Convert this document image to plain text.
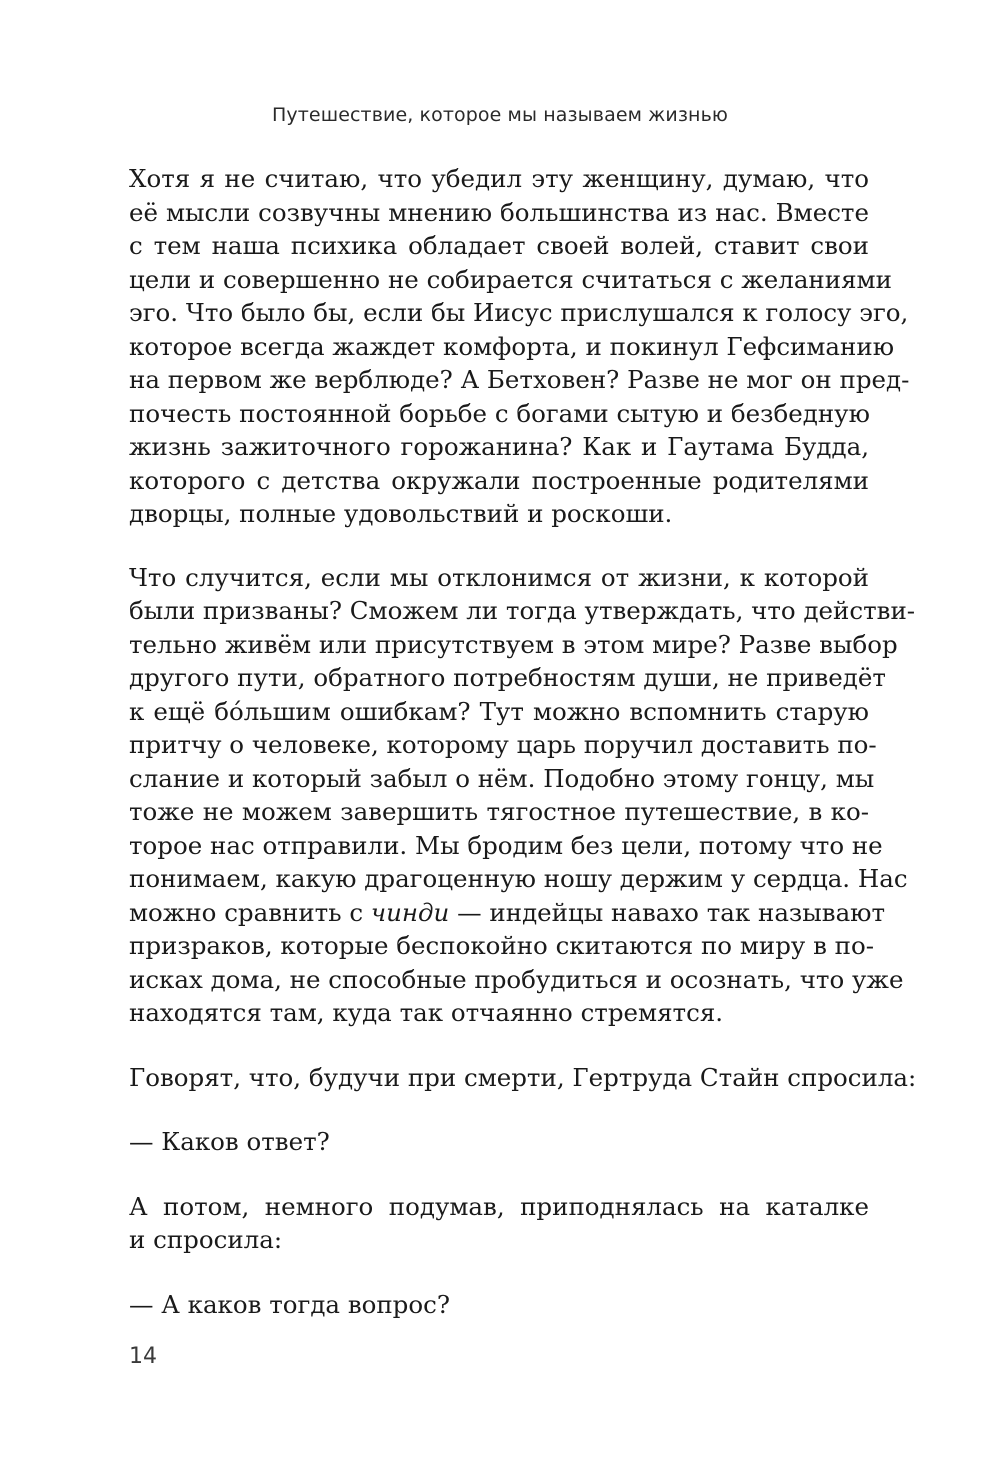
Путешествие, которое мы называем жизнью

Хотя я не считаю, что убедил эту женщину, думаю, что
её мысли созвучны мнению большинства из нас. Вместе
с тем наша психика обладает своей волей, ставит свои
цели и совершенно не собирается считаться с желаниями
эго. Что было бы, если бы Иисус прислушался к голосу эго,
которое всегда жаждет комфорта, и покинул Гефсиманию
на первом же верблюде? А Бетховен? Разве не мог он пред-
почесть постоянной борьбе с богами сытую и безбедную
жизнь зажиточного горожанина? Как и Гаутама Будда,
которого с детства окружали построенные родителями
дворцы, полные удовольствий и роскоши.

Что случится, если мы отклонимся от жизни, к которой
были призваны? Сможем ли тогда утверждать, что действи-
тельно живём или присутствуем в этом мире? Разве выбор
другого пути, обратного потребностям души, не приведёт
к ещё бóльшим ошибкам? Тут можно вспомнить старую
притчу о человеке, которому царь поручил доставить по-
слание и который забыл о нём. Подобно этому гонцу, мы
тоже не можем завершить тягостное путешествие, в ко-
торое нас отправили. Мы бродим без цели, потому что не
понимаем, какую драгоценную ношу держим у сердца. Нас
можно сравнить с чинди — индейцы навахо так называют
призраков, которые беспокойно скитаются по миру в по-
исках дома, не способные пробудиться и осознать, что уже
находятся там, куда так отчаянно стремятся.

Говорят, что, будучи при смерти, Гертруда Стайн спросила:

— Каков ответ?

А потом, немного подумав, приподнялась на каталке
и спросила:

— А каков тогда вопрос?

14
